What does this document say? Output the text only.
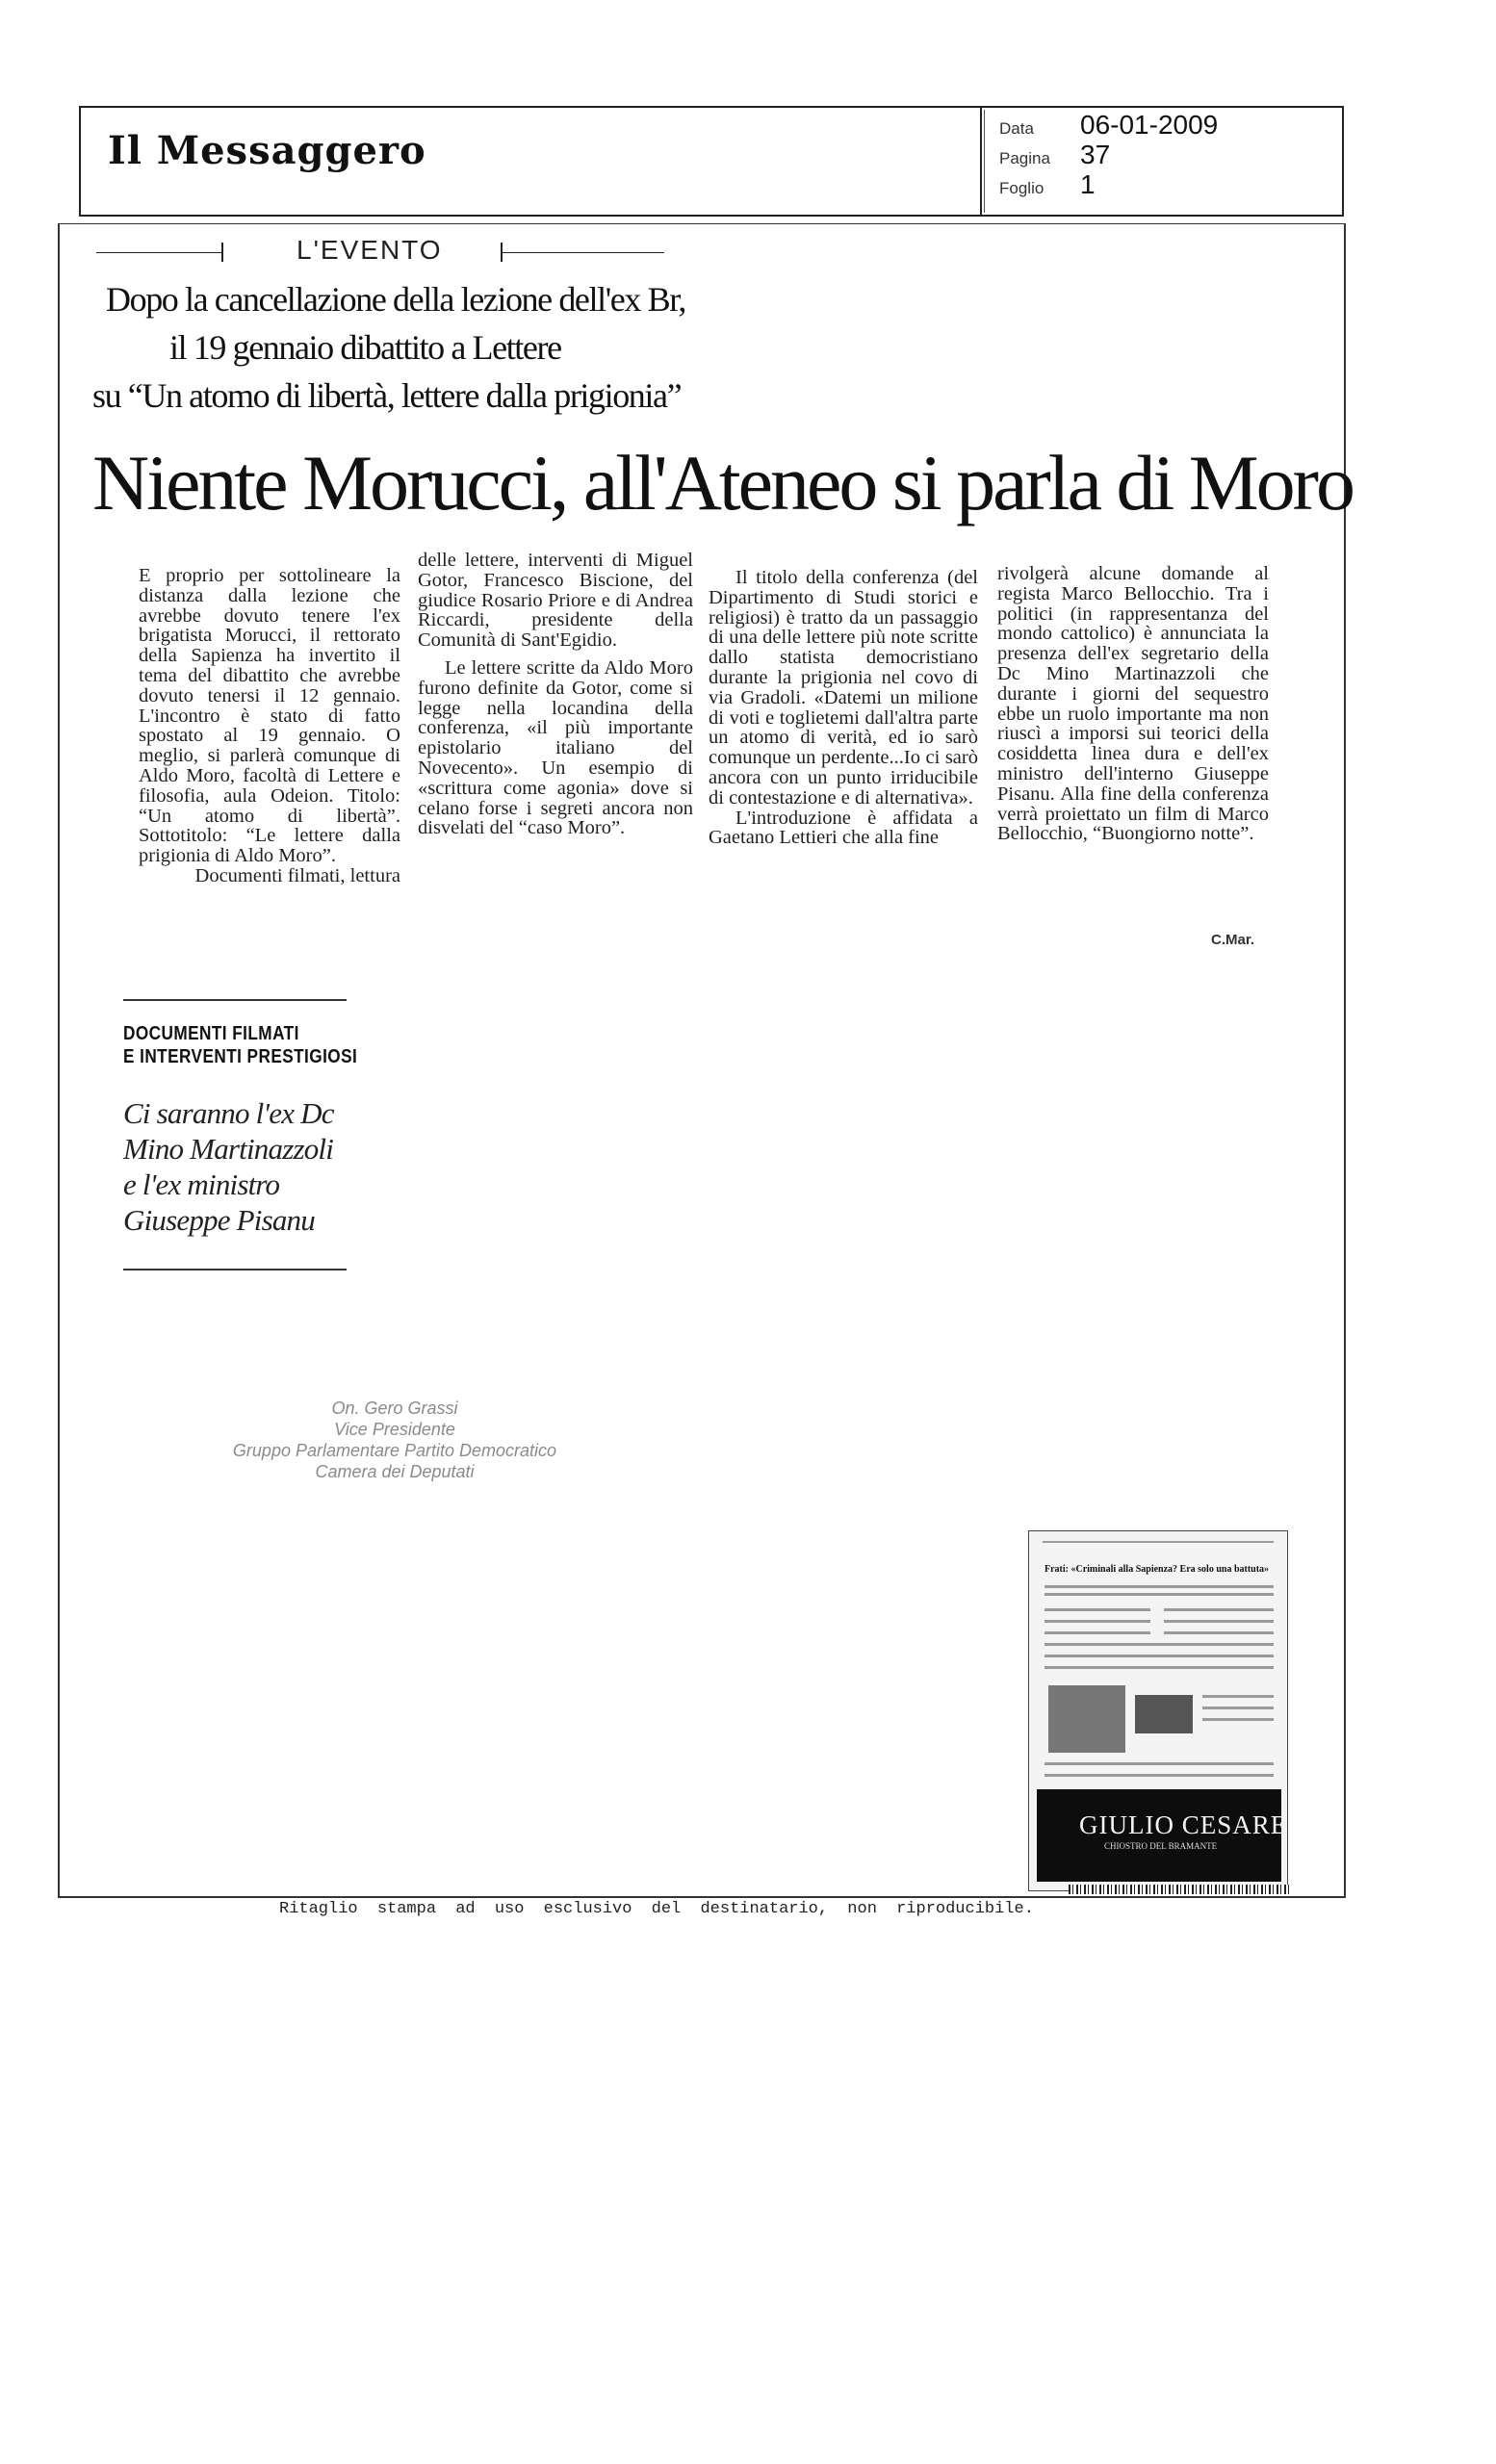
Il Messaggero	Data 06-01-2009
Pagina 37
Foglio 1
L'EVENTO
Dopo la cancellazione della lezione dell'ex Br,
il 19 gennaio dibattito a Lettere
su “Un atomo di libertà, lettere dalla prigionia”
Niente Morucci, all'Ateneo si parla di Moro

E proprio per sottolineare la distanza dalla lezione che avrebbe dovuto tenere l'ex brigatista Morucci, il rettorato della Sapienza ha invertito il tema del dibattito che avrebbe dovuto tenersi il 12 gennaio. L'incontro è stato di fatto spostato al 19 gennaio. O meglio, si parlerà comunque di Aldo Moro, facoltà di Lettere e filosofia, aula Odeion. Titolo: “Un atomo di libertà”. Sottotitolo: “Le lettere dalla prigionia di Aldo Moro”.

Documenti filmati, lettura

delle lettere, interventi di Miguel Gotor, Francesco Biscione, del giudice Rosario Priore e di Andrea Riccardi, presidente della Comunità di Sant'Egidio.

Le lettere scritte da Aldo Moro furono definite da Gotor, come si legge nella locandina della conferenza, «il più importante epistolario italiano del Novecento». Un esempio di «scrittura come agonia» dove si celano forse i segreti ancora non disvelati del “caso Moro”.

Il titolo della conferenza (del Dipartimento di Studi storici e religiosi) è tratto da un passaggio di una delle lettere più note scritte dallo statista democristiano durante la prigionia nel covo di via Gradoli. «Datemi un milione di voti e toglietemi dall'altra parte un atomo di verità, ed io sarò comunque un perdente...Io ci sarò ancora con un punto irriducibile di contestazione e di alternativa».

L'introduzione è affidata a Gaetano Lettieri che alla fine

rivolgerà alcune domande al regista Marco Bellocchio. Tra i politici (in rappresentanza del mondo cattolico) è annunciata la presenza dell'ex segretario della Dc Mino Martinazzoli che durante i giorni del sequestro ebbe un ruolo importante ma non riuscì a imporsi sui teorici della cosiddetta linea dura e dell'ex ministro dell'interno Giuseppe Pisanu. Alla fine della conferenza verrà proiettato un film di Marco Bellocchio, “Buongiorno notte”.

C.Mar.
DOCUMENTI FILMATI
E INTERVENTI PRESTIGIOSI
Ci saranno l'ex Dc
Mino Martinazzoli
e l'ex ministro
Giuseppe Pisanu
On. Gero Grassi
Vice Presidente
Gruppo Parlamentare Partito Democratico
Camera dei Deputati
Frati: «Criminali alla Sapienza? Era solo una battuta»
GIULIO CESARE
CHIOSTRO DEL BRAMANTE
Ritaglio stampa ad uso esclusivo del destinatario, non riproducibile.
